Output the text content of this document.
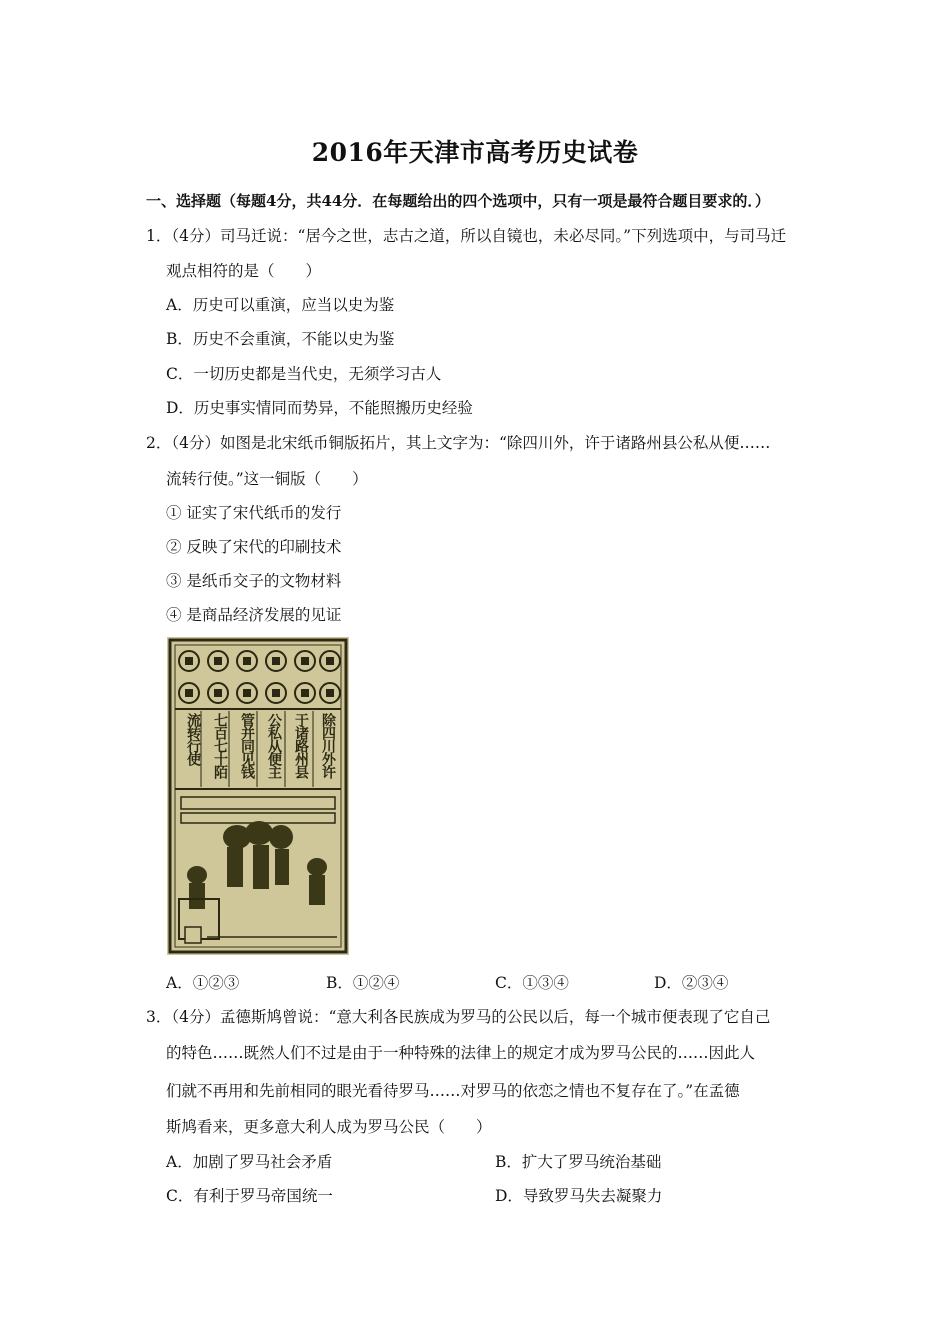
2016年天津市高考历史试卷
一、选择题（每题4分，共44分．在每题给出的四个选项中，只有一项是最符合题目要求的．）
1．（4分）司马迁说：“居今之世，志古之道，所以自镜也，未必尽同。”下列选项中，与司马迁
观点相符的是（　　）
A．历史可以重演，应当以史为鉴
B．历史不会重演，不能以史为鉴
C．一切历史都是当代史，无须学习古人
D．历史事实情同而势异，不能照搬历史经验
2．（4分）如图是北宋纸币铜版拓片，其上文字为：“除四川外，许于诸路州县公私从便……
流转行使。”这一铜版（　　）
① 证实了宋代纸币的发行
② 反映了宋代的印刷技术
③ 是纸币交子的文物材料
④ 是商品经济发展的见证
除四川外许于诸路州县公私从便主管并同见钱七百七十陌流转行使
A．①②③	B．①②④	C．①③④	D．②③④
3．（4分）孟德斯鸠曾说：“意大利各民族成为罗马的公民以后，每一个城市便表现了它自己
的特色……既然人们不过是由于一种特殊的法律上的规定才成为罗马公民的……因此人
们就不再用和先前相同的眼光看待罗马……对罗马的依恋之情也不复存在了。”在孟德
斯鸠看来，更多意大利人成为罗马公民（　　）
A．加剧了罗马社会矛盾	B．扩大了罗马统治基础
C．有利于罗马帝国统一	D．导致罗马失去凝聚力
